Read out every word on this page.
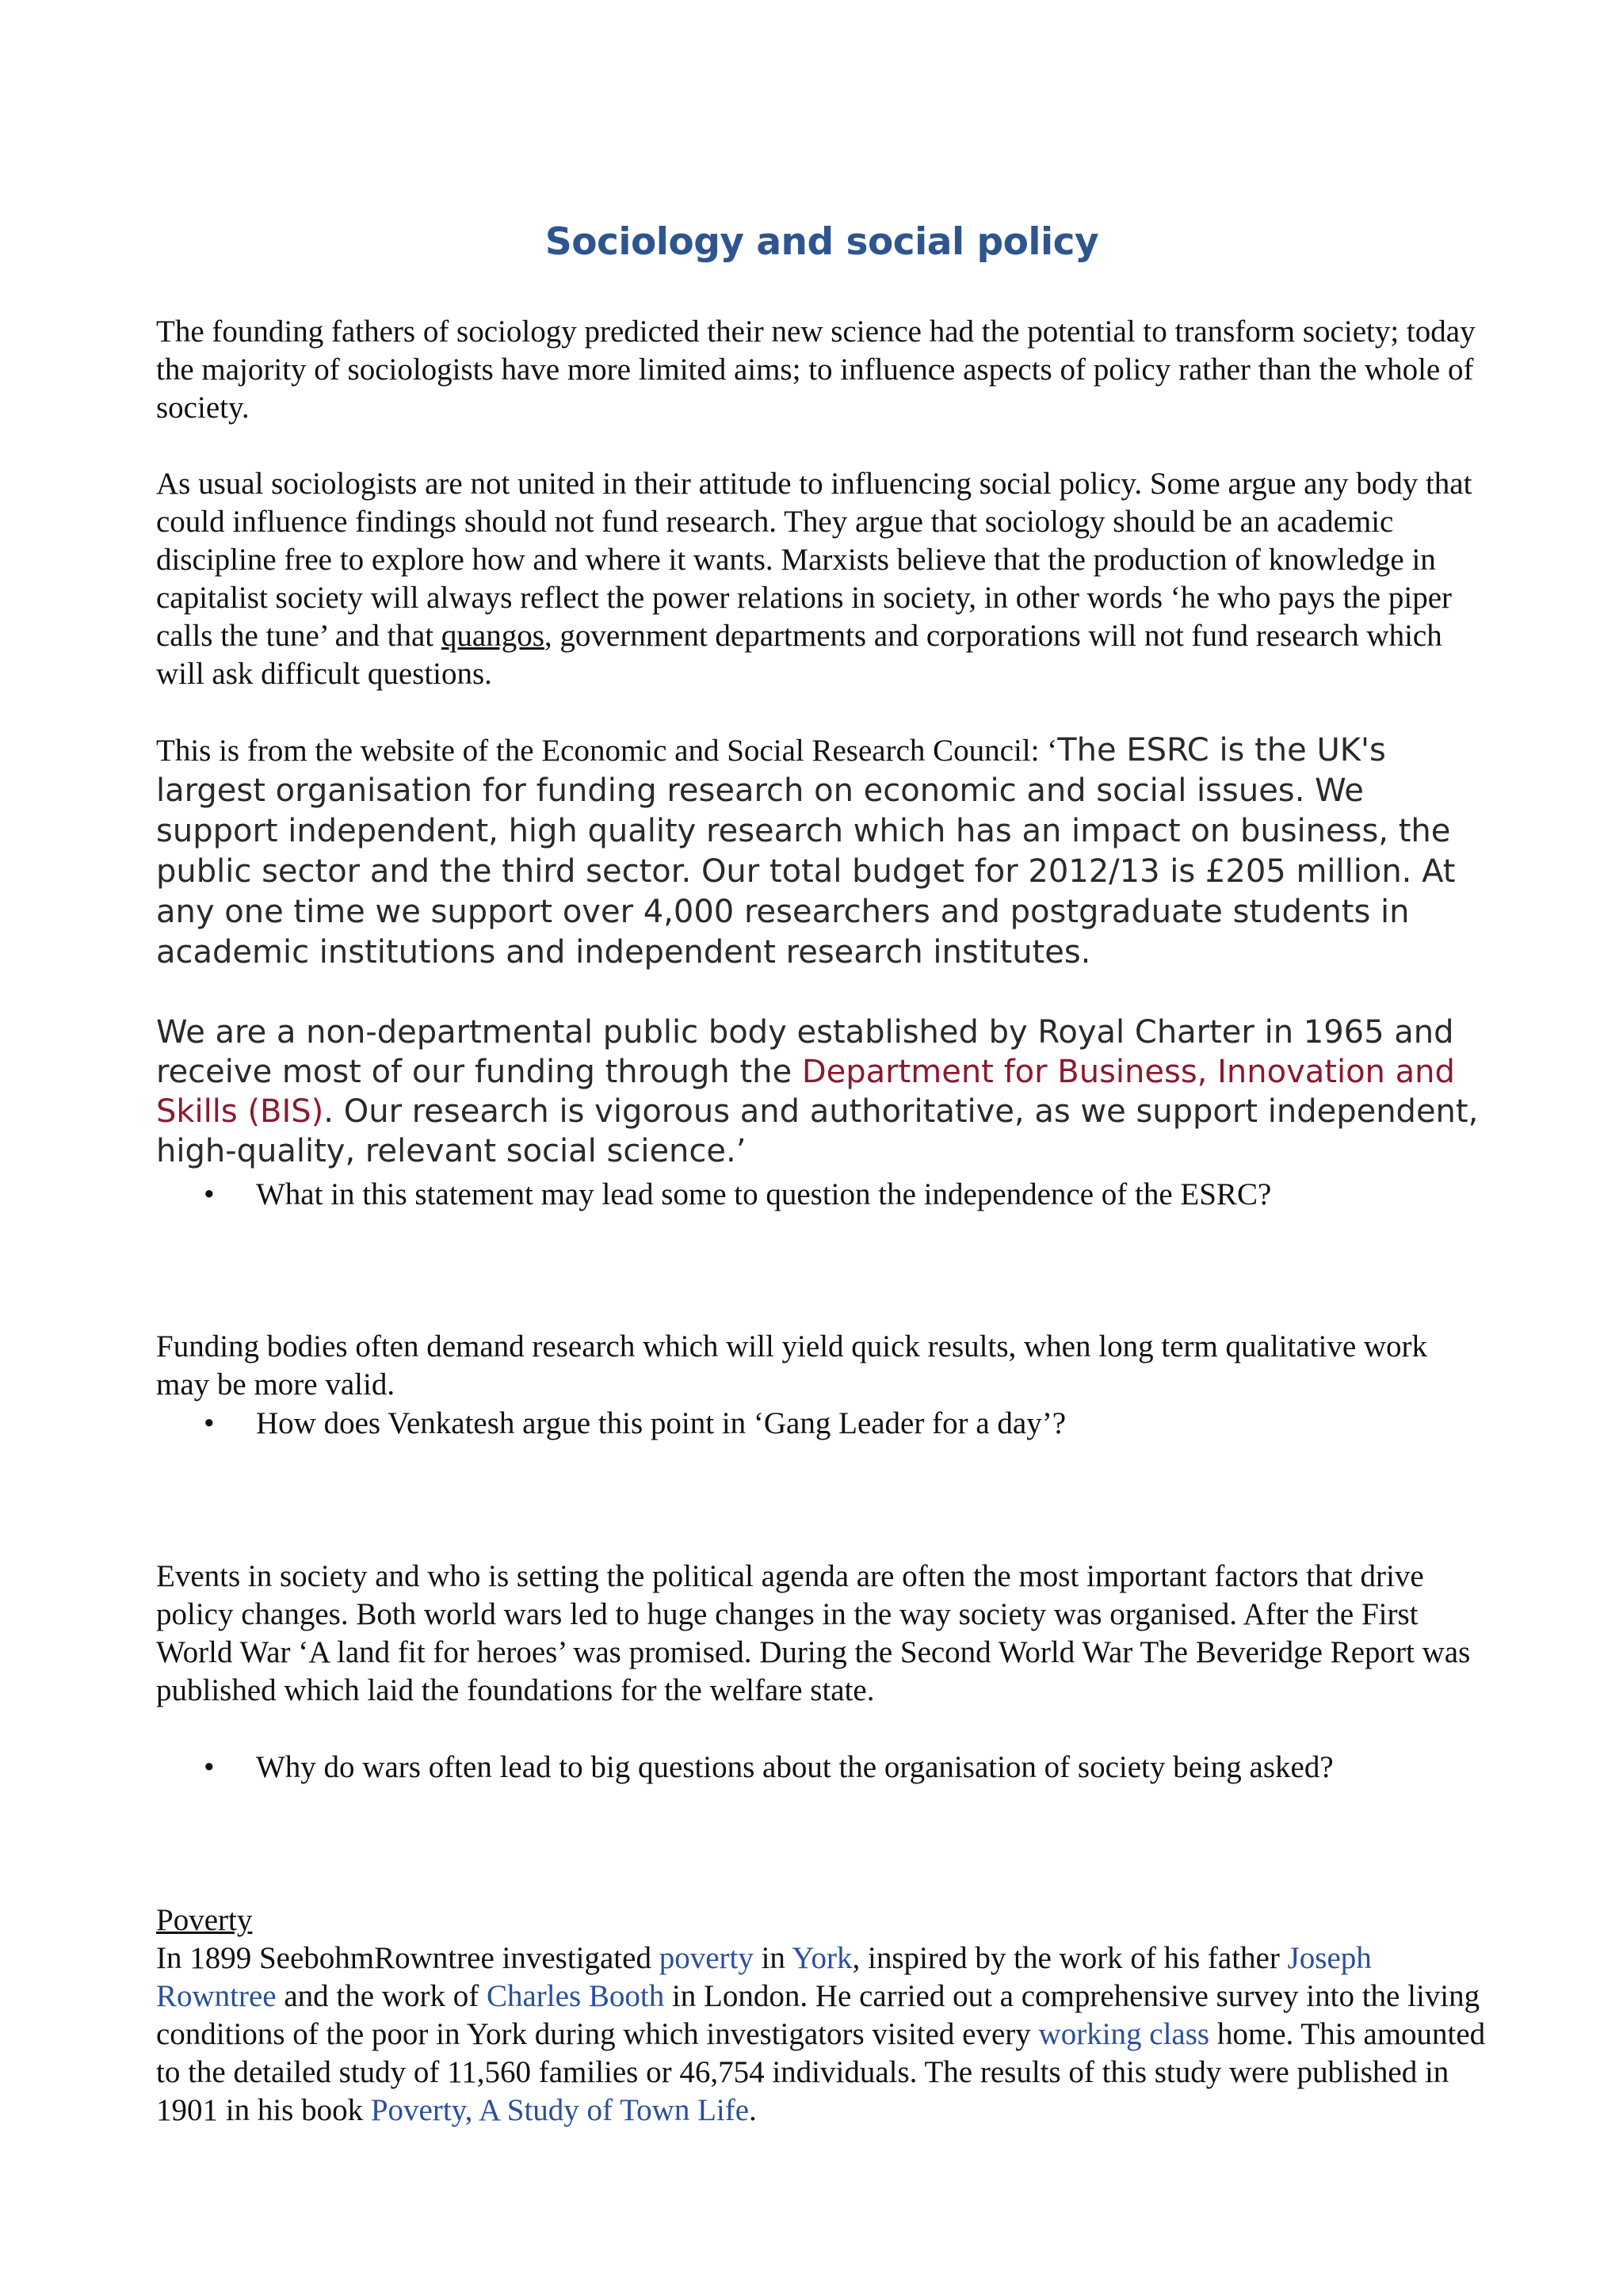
Sociology and social policy

The founding fathers of sociology predicted their new science had the potential to transform society; today the majority of sociologists have more limited aims; to influence aspects of policy rather than the whole of society.

As usual sociologists are not united in their attitude to influencing social policy. Some argue any body that could influence findings should not fund research. They argue that sociology should be an academic discipline free to explore how and where it wants. Marxists believe that the production of knowledge in capitalist society will always reflect the power relations in society, in other words ‘he who pays the piper calls the tune’ and that quangos, government departments and corporations will not fund research which will ask difficult questions.

This is from the website of the Economic and Social Research Council: ‘The ESRC is the UK's largest organisation for funding research on economic and social issues. We support independent, high quality research which has an impact on business, the public sector and the third sector. Our total budget for 2012/13 is £205 million. At any one time we support over 4,000 researchers and postgraduate students in academic institutions and independent research institutes.

We are a non-departmental public body established by Royal Charter in 1965 and receive most of our funding through the Department for Business, Innovation and Skills (BIS). Our research is vigorous and authoritative, as we support independent, high-quality, relevant social science.’

• What in this statement may lead some to question the independence of the ESRC?

Funding bodies often demand research which will yield quick results, when long term qualitative work may be more valid.

• How does Venkatesh argue this point in ‘Gang Leader for a day’?

Events in society and who is setting the political agenda are often the most important factors that drive policy changes. Both world wars led to huge changes in the way society was organised. After the First World War ‘A land fit for heroes’ was promised. During the Second World War The Beveridge Report was published which laid the foundations for the welfare state.

• Why do wars often lead to big questions about the organisation of society being asked?

Poverty

In 1899 SeebohmRowntree investigated poverty in York, inspired by the work of his father Joseph Rowntree and the work of Charles Booth in London. He carried out a comprehensive survey into the living conditions of the poor in York during which investigators visited every working class home. This amounted to the detailed study of 11,560 families or 46,754 individuals. The results of this study were published in 1901 in his book Poverty, A Study of Town Life.
